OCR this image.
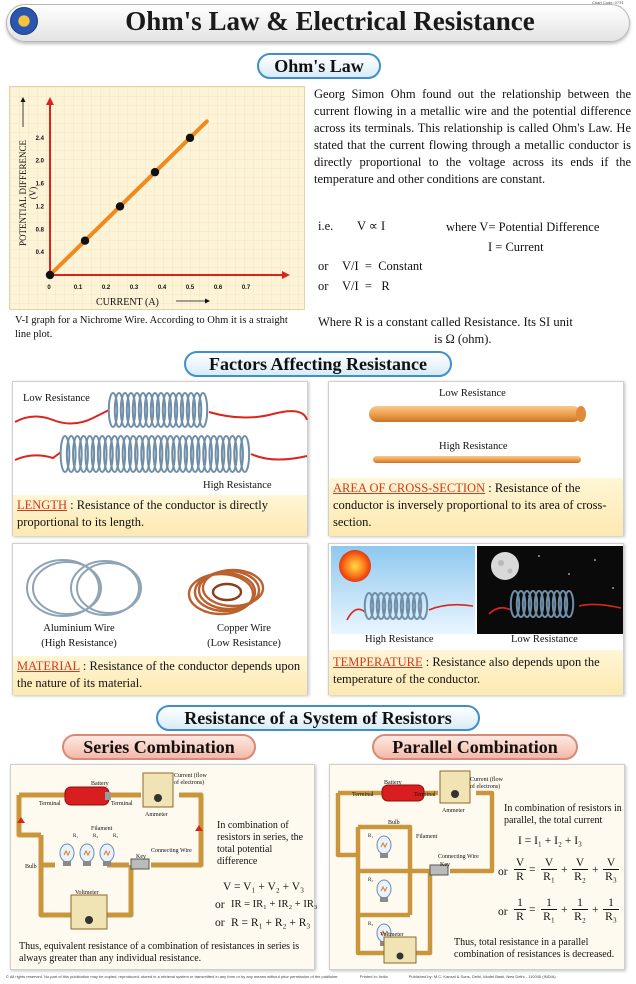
Ohm's Law & Electrical Resistance
Chart Code: 0731
Ohm's Law
0	0.1	0.2	0.3	0.4	0.5	0.6	0.7
0.4
0.8
1.2
1.6
2.0
2.4
CURRENT (A)
POTENTIAL DIFFERENCE (V)
V-I graph for a Nichrome Wire. According to Ohm it is a straight line plot.
Georg Simon Ohm found out the relationship between the current flowing in a metallic wire and the potential difference across its terminals. This relationship is called Ohm's Law. He stated that the current flowing through a metallic conductor is directly proportional to the voltage across its ends if the temperature and other conditions are constant.
i.e. V ∝ I	where V= Potential Difference
I = Current
or V/I  =  Constant
or V/I  =   R
Where R is a constant called Resistance. Its SI unit
is Ω (ohm).
Factors Affecting Resistance
Low Resistance
High Resistance
LENGTH : Resistance of the conductor is directly proportional to its length.
Low Resistance
High Resistance
AREA OF CROSS-SECTION : Resistance of the conductor is inversely proportional to its area of cross-section.
Aluminium Wire
(High Resistance)
Copper Wire
(Low Resistance)
MATERIAL : Resistance of the conductor depends upon the nature of its material.
High Resistance	Low Resistance
TEMPERATURE : Resistance also depends upon the temperature of the conductor.
Resistance of a System of Resistors
Series Combination	Parallel Combination
Battery
Terminal	Terminal
Current (flow of electrons)
Ammeter
Filament
Bulb
R₁	R₂	R₃
Connecting Wire
Key
Voltmeter
In combination of resistors in series, the total potential difference
V = V₁ + V₂ + V₃
or IR = IR₁ + IR₂ + IR₃
or R = R₁ + R₂ + R₃
Thus, equivalent resistance of a combination of resistances in series is always greater than any individual resistance.
Battery
Terminal	Terminal
Current (flow of electrons)
Ammeter
Bulb
Filament
Connecting Wire
Key
R₁
R₂
R₃
Voltmeter
In combination of resistors in parallel, the total current
I = I₁ + I₂ + I₃
or
V
R
=
V
R₁
+
V
R₂
+
V
R₃
or
1
R
=
1
R₁
+
1
R₂
+
1
R₃
Thus, total resistance in a parallel combination of resistances is decreased.
© All rights reserved. No part of this publication may be copied, reproduced, stored in a retrieval system or transmitted in any form or by any means without prior permission of the publisher.	Printed in: India	Published by: M.C. Kansal & Sons, Delhi, Model Basti, New Delhi - 110005 (INDIA)
